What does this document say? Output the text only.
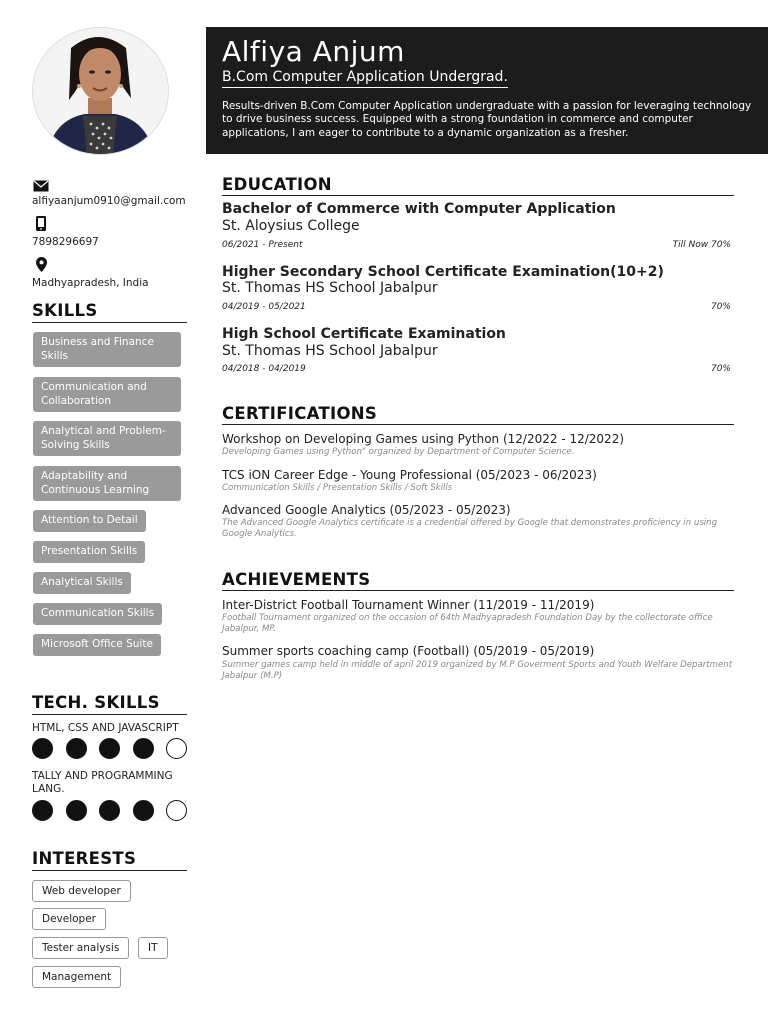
alfiyaanjum0910@gmail.com
7898296697
Madhyapradesh, India
SKILLS
Business and Finance Skills
Communication and Collaboration
Analytical and Problem-Solving Skills
Adaptability and Continuous Learning
Attention to Detail
Presentation Skills
Analytical Skills
Communication Skills
Microsoft Office Suite
TECH. SKILLS
HTML, CSS AND JAVASCRIPT
TALLY AND PROGRAMMING LANG.
INTERESTS
Web developer
Developer
Tester analysis	IT
Management
Alfiya Anjum
B.Com Computer Application Undergrad.
Results-driven B.Com Computer Application undergraduate with a passion for leveraging technology to drive business success. Equipped with a strong foundation in commerce and computer applications, I am eager to contribute to a dynamic organization as a fresher.
EDUCATION
Bachelor of Commerce with Computer Application
St. Aloysius College
06/2021 - Present	Till Now 70%
Higher Secondary School Certificate Examination(10+2)
St. Thomas HS School Jabalpur
04/2019 - 05/2021	70%
High School Certificate Examination
St. Thomas HS School Jabalpur
04/2018 - 04/2019	70%
CERTIFICATIONS
Workshop on Developing Games using Python (12/2022 - 12/2022)
Developing Games using Python" organized by Department of Computer Science.
TCS iON Career Edge - Young Professional (05/2023 - 06/2023)
Communication Skills / Presentation Skills / Soft Skills
Advanced Google Analytics (05/2023 - 05/2023)
The Advanced Google Analytics certificate is a credential offered by Google that demonstrates proficiency in using Google Analytics.
ACHIEVEMENTS
Inter-District Football Tournament Winner (11/2019 - 11/2019)
Football Tournament organized on the occasion of 64th Madhyapradesh Foundation Day by the collectorate office Jabalpur, MP.
Summer sports coaching camp (Football) (05/2019 - 05/2019)
Summer games camp held in middle of april 2019 organized by M.P Goverment Sports and Youth Welfare Department Jabalpur (M.P)
